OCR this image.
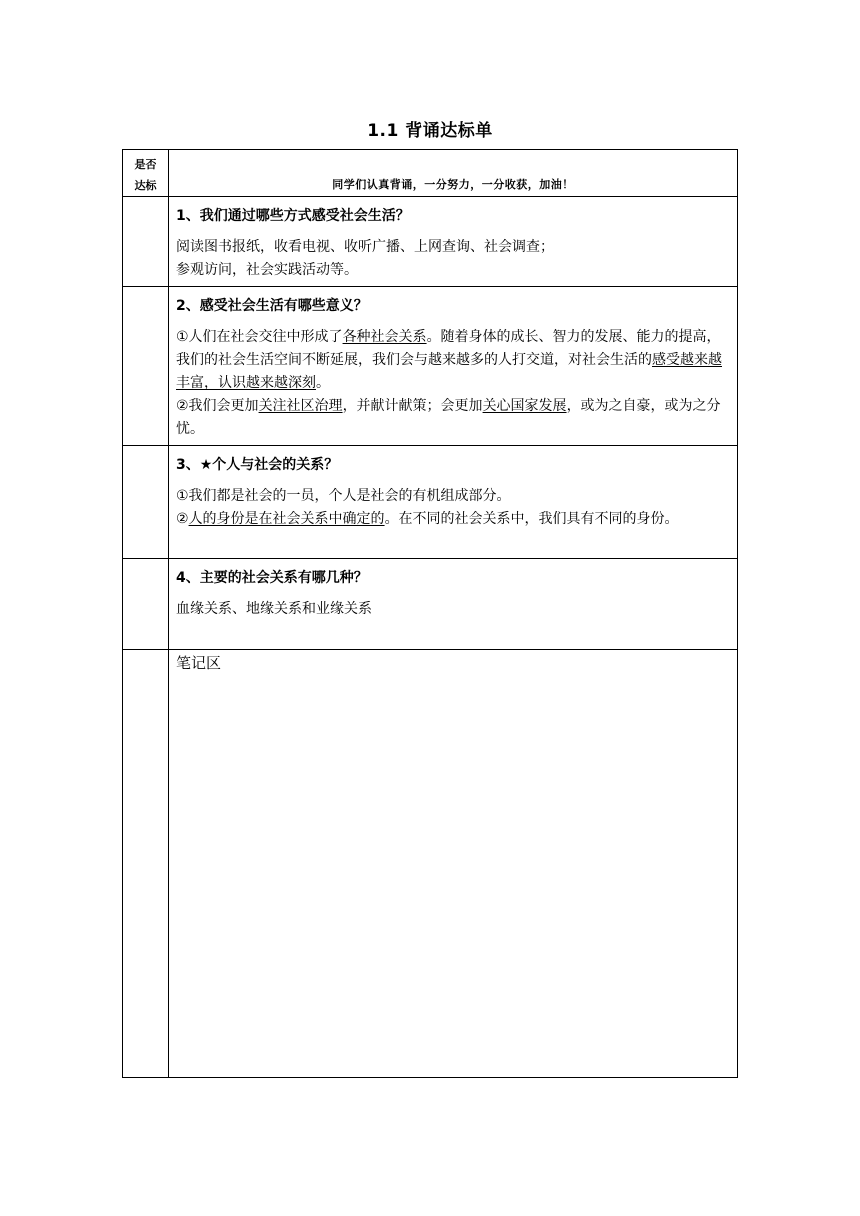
1.1 背诵达标单
是否
达标	同学们认真背诵，一分努力，一分收获，加油！

	1、我们通过哪些方式感受社会生活？

阅读图书报纸，收看电视、收听广播、上网查询、社会调查；

参观访问，社会实践活动等。

	2、感受社会生活有哪些意义？

①人们在社会交往中形成了各种社会关系。随着身体的成长、智力的发展、能力的提高，我们的社会生活空间不断延展，我们会与越来越多的人打交道，对社会生活的感受越来越丰富，认识越来越深刻。

②我们会更加关注社区治理，并献计献策；会更加关心国家发展，或为之自豪，或为之分忧。

	3、★个人与社会的关系？

①我们都是社会的一员，个人是社会的有机组成部分。

②人的身份是在社会关系中确定的。在不同的社会关系中，我们具有不同的身份。

	4、主要的社会关系有哪几种？

血缘关系、地缘关系和业缘关系

	笔记区
